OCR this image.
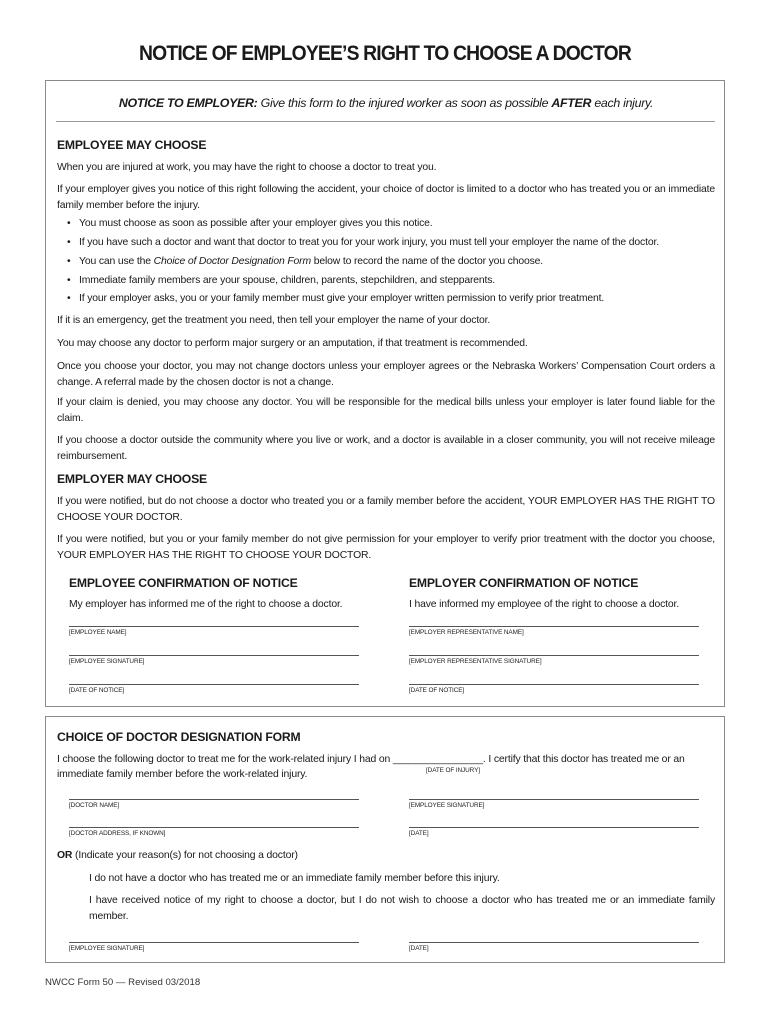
NOTICE OF EMPLOYEE’S RIGHT TO CHOOSE A DOCTOR
NOTICE TO EMPLOYER: Give this form to the injured worker as soon as possible AFTER each injury.
EMPLOYEE MAY CHOOSE
When you are injured at work, you may have the right to choose a doctor to treat you.
If your employer gives you notice of this right following the accident, your choice of doctor is limited to a doctor who has treated you or an immediate family member before the injury.
• You must choose as soon as possible after your employer gives you this notice.
• If you have such a doctor and want that doctor to treat you for your work injury, you must tell your employer the name of the doctor.
• You can use the Choice of Doctor Designation Form below to record the name of the doctor you choose.
• Immediate family members are your spouse, children, parents, stepchildren, and stepparents.
• If your employer asks, you or your family member must give your employer written permission to verify prior treatment.
If it is an emergency, get the treatment you need, then tell your employer the name of your doctor.
You may choose any doctor to perform major surgery or an amputation, if that treatment is recommended.
Once you choose your doctor, you may not change doctors unless your employer agrees or the Nebraska Workers’ Compensation Court orders a change. A referral made by the chosen doctor is not a change.
If your claim is denied, you may choose any doctor. You will be responsible for the medical bills unless your employer is later found liable for the claim.
If you choose a doctor outside the community where you live or work, and a doctor is available in a closer community, you will not receive mileage reimbursement.
EMPLOYER MAY CHOOSE
If you were notified, but do not choose a doctor who treated you or a family member before the accident, YOUR EMPLOYER HAS THE RIGHT TO CHOOSE YOUR DOCTOR.
If you were notified, but you or your family member do not give permission for your employer to verify prior treatment with the doctor you choose, YOUR EMPLOYER HAS THE RIGHT TO CHOOSE YOUR DOCTOR.
EMPLOYEE CONFIRMATION OF NOTICE
My employer has informed me of the right to choose a doctor.
[EMPLOYEE NAME]
[EMPLOYEE SIGNATURE]
[DATE OF NOTICE]
EMPLOYER CONFIRMATION OF NOTICE
I have informed my employee of the right to choose a doctor.
[EMPLOYER REPRESENTATIVE NAME]
[EMPLOYER REPRESENTATIVE SIGNATURE]
[DATE OF NOTICE]
CHOICE OF DOCTOR DESIGNATION FORM
I choose the following doctor to treat me for the work-related injury I had on ________________. I certify that this doctor has treated me or an
immediate family member before the work-related injury.	[DATE OF INJURY]
[DOCTOR NAME]	[EMPLOYEE SIGNATURE]
[DOCTOR ADDRESS, IF KNOWN]	[DATE]
OR (Indicate your reason(s) for not choosing a doctor)
I do not have a doctor who has treated me or an immediate family member before this injury.
I have received notice of my right to choose a doctor, but I do not wish to choose a doctor who has treated me or an immediate family member.
[EMPLOYEE SIGNATURE]	[DATE]
NWCC Form 50 — Revised 03/2018
